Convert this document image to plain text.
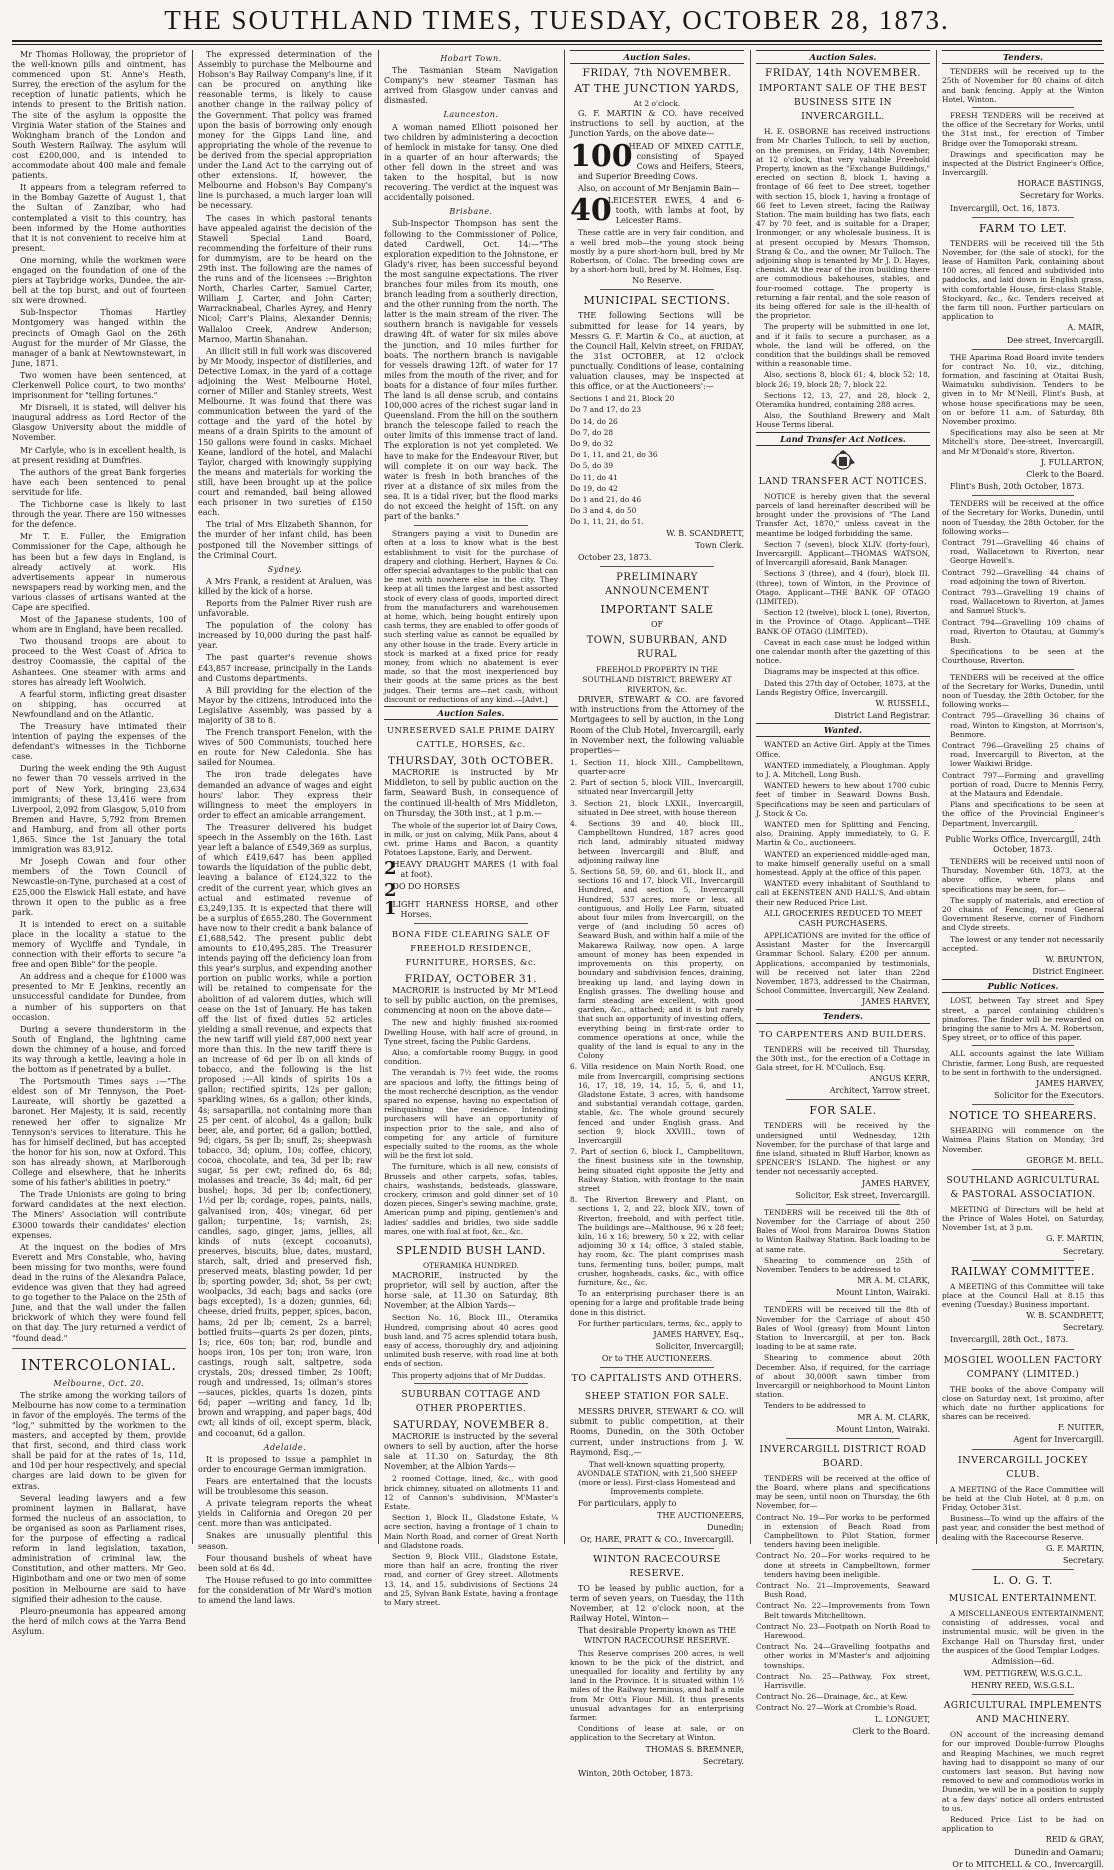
THE SOUTHLAND TIMES, TUESDAY, OCTOBER 28, 1873.

Mr Thomas Holloway, the proprietor of the well-known pills and ointment, has commenced upon St. Anne's Heath, Surrey, the erection of the asylum for the reception of lunatic patients, which he intends to present to the British nation. The site of the asylum is opposite the Virginia Water station of the Staines and Wokingham branch of the London and South Western Railway. The asylum will cost £200,000, and is intended to accommodate about 400 male and female patients.

It appears from a telegram referred to in the Bombay Gazette of August 1, that the Sultan of Zanzibar, who had contemplated a visit to this country, has been informed by the Home authorities that it is not convenient to receive him at present.

One morning, while the workmen were engaged on the foundation of one of the piers at Taybridge works, Dundee, the air-bell at the top burst, and out of fourteen six were drowned.

Sub-Inspector Thomas Hartley Montgomery was hanged within the precincts of Omagh Gaol on the 26th August for the murder of Mr Glasse, the manager of a bank at Newtownstewart, in June, 1871.

Two women have been sentenced, at Clerkenwell Police court, to two months' imprisonment for "telling fortunes."

Mr Disraeli, it is stated, will deliver his inaugural address as Lord Rector of the Glasgow University about the middle of November.

Mr Carlyle, who is in excellent health, is at present residing at Dumfries.

The authors of the great Bank forgeries have each been sentenced to penal servitude for life.

The Tichborne case is likely to last through the year. There are 150 witnesses for the defence.

Mr T. E. Fuller, the Emigration Commissioner for the Cape, although he has been but a few days in England, is already actively at work. His advertisements appear in numerous newspapers read by working men, and the various classes of artisans wanted at the Cape are specified.

Most of the Japanese students, 100 of whom are in England, have been recalled.

Two thousand troops are about to proceed to the West Coast of Africa to destroy Coomassie, the capital of the Ashantees. One steamer with arms and stores has already left Woolwich.

A fearful storm, inflicting great disaster on shipping, has occurred at Newfoundland and on the Atlantic.

The Treasury have intimated their intention of paying the expenses of the defendant's witnesses in the Tichborne case.

During the week ending the 9th August no fewer than 70 vessels arrived in the port of New York, bringing 23,634 immigrants; of these 13,416 were from Liverpool, 2,092 from Glasgow, 5,010 from Bremen and Havre, 5,792 from Bremen and Hamburg, and from all other ports 1,865. Since the 1st January the total immigration was 83,912.

Mr Joseph Cowan and four other members of the Town Council of Newcastle-on-Tyne, purchased at a cost of £25,000 the Elswick Hall estate, and have thrown it open to the public as a free park.

It is intended to erect on a suitable place in the locality a statue to the memory of Wycliffe and Tyndale, in connection with their efforts to secure "a free and open Bible" for the people.

An address and a cheque for £1000 was presented to Mr E Jenkins, recently an unsuccessful candidate for Dundee, from a number of his supporters on that occasion.

During a severe thunderstorm in the South of England, the lightning came down the chimney of a house, and forced its way through a kettle, leaving a hole in the bottom as if penetrated by a bullet.

The Portsmouth Times says :—"The eldest son of Mr Tennyson, the Poet-Laureate, will shortly be gazetted a baronet. Her Majesty, it is said, recently renewed her offer to signalize Mr Tennyson's services to literature. This he has for himself declined, but has accepted the honor for his son, now at Oxford. This son has already shown, at Marlborough College and elsewhere, that he inherits some of his father's abilities in poetry."

The Trade Unionists are going to bring forward candidates at the next election. The Miners' Association will contribute £3000 towards their candidates' election expenses.

At the inquest on the bodies of Mrs Everett and Mrs Constable, who, having been missing for two months, were found dead in the ruins of the Alexandra Palace, evidence was given that they had agreed to go together to the Palace on the 25th of June, and that the wall under the fallen brickwork of which they were found fell on that day. The jury returned a verdict of "found dead."

INTERCOLONIAL.
Melbourne, Oct. 20.

The strike among the working tailors of Melbourne has now come to a termination in favor of the employés. The terms of the "log," submitted by the workmen to the masters, and accepted by them, provide that first, second, and third class work shall be paid for at the rates of 1s, 11d, and 10d per hour respectively, and special charges are laid down to be given for extras.

Several leading lawyers and a few prominent laymen in Ballarat, have formed the nucleus of an association, to be organised as soon as Parliament rises, for the purpose of effecting a radical reform in land legislation, taxation, administration of criminal law, the Constitution, and other matters. Mr Geo. Higinbotham and one or two men of some position in Melbourne are said to have signified their adhesion to the cause.

Pleuro-pneumonia has appeared among the herd of milch cows at the Yarra Bend Asylum.

The expressed determination of the Assembly to purchase the Melbourne and Hobson's Bay Railway Company's line, if it can be procured on anything like reasonable terms, is likely to cause another change in the railway policy of the Government. That policy was framed upon the basis of borrowing only enough money for the Gipps Land line, and appropriating the whole of the revenue to be derived from the special appropriation under the Land Act to the carrying out of other extensions. If, however, the Melbourne and Hobson's Bay Company's line is purchased, a much larger loan will be necessary.

The cases in which pastoral tenants have appealed against the decision of the Stawell Special Land Board, recommending the forfeiture of their runs for dummyism, are to be heard on the 29th inst. The following are the names of the runs and of the licensees :—Brighton North, Charles Carter, Samuel Carter, William J. Carter, and John Carter; Warracknabeal, Charles Ayrey, and Henry Nicol; Carr's Plains, Alexander Dennis; Wallaloo Creek, Andrew Anderson; Marnoo, Martin Shanahan.

An illicit still in full work was discovered by Mr Moody, inspector of distilleries, and Detective Lomax, in the yard of a cottage adjoining the West Melbourne Hotel, corner of Miller and Stanley streets, West Melbourne. It was found that there was communication between the yard of the cottage and the yard of the hotel by means of a drain Spirits to the amount of 150 gallons were found in casks. Michael Keane, landlord of the hotel, and Malachi Taylor, charged with knowingly supplying the means and materials for working the still, have been brought up at the police court and remanded, bail being allowed each prisoner in two sureties of £150 each.

The trial of Mrs Elizabeth Shannon, for the murder of her infant child, has been postponed till the November sittings of the Criminal Court.

Sydney.

A Mrs Frank, a resident at Araluen, was killed by the kick of a horse.

Reports from the Palmer River rush are unfavorable.

The population of the colony has increased by 10,000 during the past half-year.

The past quarter's revenue shows £43,857 increase, principally in the Lands and Customs departments.

A Bill providing for the election of the Mayor by the citizens, introduced into the Legislative Assembly, was passed by a majority of 38 to 8.

The French transport Fenelon, with the wives of 500 Communists, touched here en route for New Caledonia. She has sailed for Noumea.

The iron trade delegates have demanded an advance of wages and eight hours' labor. They express their willingness to meet the employers in order to effect an amicable arrangement.

The Treasurer delivered his budget speech in the Assembly on the 16th. Last year left a balance of £549,369 as surplus, of which £419,647 has been applied towards the liquidation of the public debt, leaving a balance of £124,322 to the credit of the current year, which gives an actual and estimated revenue of £3,249,135. It is expected that there will be a surplus of £655,280. The Government have now to their credit a bank balance of £1,688,542. The present public debt amounts to £10,495,285. The Treasurer intends paying off the deficiency loan from this year's surplus, and expending another portion on public works, while a portion will be retained to compensate for the abolition of ad valorem duties, which will cease on the 1st of January. He has taken off the list of fixed duties 52 articles yielding a small revenue, and expects that the new tariff will yield £87,000 next year more than this. In the new tariff there is an increase of 6d per lb on all kinds of tobacco, and the following is the list proposed :—All kinds of spirits 10s a gallon; rectified spirits, 12s per gallon; sparkling wines, 6s a gallon; other kinds, 4s; sarsaparilla, not containing more than 25 per cent. of alcohol, 4s a gallon; bulk beer, ale, and porter, 6d a gallon; bottled, 9d; cigars, 5s per lb; snuff, 2s; sheepwash tobacco, 3d; opium, 10s; coffee, chicory, cocoa, chocolate, and tea, 3d per lb; raw sugar, 5s per cwt; refined do, 6s 8d; molasses and treacle, 3s 4d; malt, 6d per bushel; hops, 3d per lb; confectionery, 1½d per lb; cordage, ropes, paints, nails, galvanised iron, 40s; vinegar, 6d per gallon; turpentine, 1s; varnish, 2s; candles, sago, ginger, jams, jellies, all kinds of nuts (except cocoanuts), preserves, biscuits, blue, dates, mustard, starch, salt, dried and preserved fish, preserved meats, blasting powder, 1d per lb; sporting powder, 3d; shot, 5s per cwt; woolpacks, 3d each; bags and sacks (ore bags excepted), 1s a dozen; gunnies, 6d; cheese, dried fruits, pepper, spices, bacon, hams, 2d per lb; cement, 2s a barrel; bottled fruits—quarts 2s per dozen, pints, 1s; rice, 60s ton; bar, rod, bundle and hoops iron, 10s per ton; iron ware, iron castings, rough salt, saltpetre, soda crystals, 20s; dressed timber, 2s 100ft; rough and undressed, 1s; oilman's stores—sauces, pickles, quarts 1s dozen, pints 6d; paper —writing and fancy, 1d lb; brown and wrapping, and paper bags, 40d cwt; all kinds of oil, except sperm, black, and cocoanut, 6d a gallon.

Adelaide.

It is proposed to issue a pamphlet in order to encourage German immigration.

Fears are entertained that the locusts will be troublesome this season.

A private telegram reports the wheat yields in California and Oregon 20 per cent. more than was anticipated.

Snakes are unusually plentiful this season.

Four thousand bushels of wheat have been sold at 6s 4d.

The House refused to go into committee for the consideration of Mr Ward's motion to amend the land laws.

Hobart Town.

The Tasmanian Steam Navigation Company's new steamer Tasman has arrived from Glasgow under canvas and dismasted.

Launceston.

A woman named Elliott poisoned her two children by administering a decoction of hemlock in mistake for tansy. One died in a quarter of an hour afterwards; the other fell down in the street and was taken to the hospital, but is now recovering. The verdict at the inquest was accidentally poisoned.

Brisbane.

Sub-Inspector Thompson has sent the following to the Commissioner of Police, dated Cardwell, Oct. 14:—"The exploration expedition to the Johnstone, er Glady's river, has been successful beyond the most sanguine expectations. The river branches four miles from its mouth, one branch leading from a southerly direction, and the other running from the north. The latter is the main stream of the river. The southern branch is navigable for vessels drawing 4ft. of water for six miles above the junction, and 10 miles further for boats. The northern branch is navigable for vessels drawing 12ft. of water for 17 miles from the mouth of the river, and for boats for a distance of four miles further. The land is all dense scrub, and contains 100,000 acres of the richest sugar land in Queensland. From the hill on the southern branch the telescope failed to reach the outer limits of this immense tract of land. The exploration is not yet completed. We have to make for the Endeavour River, but will complete it on our way back. The water is fresh in both branches of the river at a distance of six miles from the sea. It is a tidal river, but the flood marks do not exceed the height of 15ft. on any part of the banks."

Strangers paying a visit to Dunedin are often at a loss to know what is the best establishment to visit for the purchase of drapery and clothing. Herbert, Haynes & Co. offer special advantages to the public that can be met with nowhere else in the city. They keep at all times the largest and best assorted stock of every class of goods, imported direct from the manufacturers and warehousemen at home, which, being bought entirely upon cash terms, they are enabled to offer goods of such sterling value as cannot be equalled by any other house in the trade. Every article in stock is marked at a fixed price for ready money, from which no abatement is ever made, so that the most inexperienced buy their goods at the same prices as the best judges. Their terms are—net cash, without discount or reductions of any kind.—[Advt.]

Auction Sales.
UNRESERVED SALE PRIME DAIRY CATTLE, HORSES, &c.
THURSDAY, 30th OCTOBER.

MACRORIE is instructed by Mr Middleton, to sell by public auction on the farm, Seaward Bush, in consequence of the continued ill-health of Mrs Middleton, on Thursday, the 30th inst., at 1 p.m.—

The whole of the superior lot of Dairy Cows, in milk, or just on calving, Milk Pans, about 4 cwt. prime Hams and Bacon, a quantity Potatoes Lapstone, Early, and Derwent.

2
HEAVY DRAUGHT MARES (1 with foal at foot).

2
DO DO HORSES

1
LIGHT HARNESS HORSE, and other Horses.

BONA FIDE CLEARING SALE OF FREEHOLD RESIDENCE, FURNITURE, HORSES, &c.
FRIDAY, OCTOBER 31.

MACRORIE is instructed by Mr M'Leod to sell by public auction, on the premises, commencing at noon on the above date—

The new and highly finished six-roomed Dwelling House, with half acre of ground, in Tyne street, facing the Public Gardens.

Also, a comfortable roomy Buggy, in good condition.

The verandah is 7½ feet wide, the rooms are spacious and lofty, the fittings being of the most recherché description, as the vendor spared no expense, having no expectation of relinquishing the residence. Intending purchasers will have an opportunity of inspection prior to the sale, and also of competing for any article of furniture especially suited to the rooms, as the whole will be the first lot sold.

The furniture, which is all new, consists of Brussels and other carpets, sofas, tables, chairs, washstands, bedsteads, glassware, crockery, crimson and gold dinner set of 10 dozen pieces, Singer's sewing machine, grate, American pump and piping, gentlemen's and ladies' saddles and bridles, two side saddle mares, one with foal at foot, &c., &c.

SPLENDID BUSH LAND.
OTERAMIKA HUNDRED.

MACRORIE, instructed by the proprietor, will sell by auction, after the horse sale, at 11.30 on Saturday, 8th November, at the Albion Yards—

Section No. 16, Block III., Oteramika Hundred, comprising about 40 acres good bush land, and 75 acres splendid totara bush, easy of access, thoroughly dry, and adjoining unlimited bush reserve, with road line at both ends of section.

This property adjoins that of Mr Duddas.

SUBURBAN COTTAGE AND OTHER PROPERTIES.
SATURDAY, NOVEMBER 8.

MACRORIE is instructed by the several owners to sell by auction, after the horse sale at 11.30 on Saturday, the 8th November, at the Albion Yards—

2 roomed Cottage, lined, &c., with good brick chimney, situated on allotments 11 and 12 of Cannon's subdivision, M'Master's Estate.

Section 1, Block II., Gladstone Estate, ¼ acre section, having a frontage of 1 chain to Main North Road, and corner of Great North and Gladstone roads.

Section 9, Block VIII., Gladstone Estate, more than half an acre, fronting the river road, and corner of Grey street. Allotments 13, 14, and 15, subdivisions of Sections 24 and 25, Sylvan Bank Estate, having a frontage to Mary street.

Auction Sales.
FRIDAY, 7th NOVEMBER.
AT THE JUNCTION YARDS,
At 2 o'clock.

G. F. MARTIN & CO. have received instructions to sell by auction, at the Junction Yards, on the above date—

100
HEAD OF MIXED CATTLE, consisting of Spayed Cows and Heifers, Steers, and Superior Breeding Cows.

Also, on account of Mr Benjamin Bain—

40
LEICESTER EWES, 4 and 6-tooth, with lambs at foot, by Leicester Rams.

These cattle are in very fair condition, and a well bred mob—the young stock being mostly by a pure short-horn bull, bred by Mr Robertson, of Colac. The breeding cows are by a short-horn bull, bred by M. Holmes, Esq.

No Reserve.

MUNICIPAL SECTIONS.

THE following Sections will be submitted for lease for 14 years, by Messrs G. F. Martin & Co., at auction, at the Council Hall, Kelvin street, on FRIDAY, the 31st OCTOBER, at 12 o'clock punctually. Conditions of lease, containing valuation clauses, may be inspected at this office, or at the Auctioneers':—

Sections 1 and 21, Block 20

Do 7 and 17, do 23

Do 14, do 26

Do 7, do 28

Do 9, do 32

Do 1, 11, and 21, do 36

Do 5, do 39

Do 11, do 41

Do 19, do 42

Do 1 and 21, do 46

Do 3 and 4, do 50

Do 1, 11, 21, do 51.

W. B. SCANDRETT,

Town Clerk.

October 23, 1873.

PRELIMINARY ANNOUNCEMENT
IMPORTANT SALE
OF
TOWN, SUBURBAN, AND RURAL
FREEHOLD PROPERTY IN THE SOUTHLAND DISTRICT, BREWERY AT RIVERTON, &c.

DRIVER, STEWART & CO. are favored with instructions from the Attorney of the Mortgagees to sell by auction, in the Long Room of the Club Hotel, Invercargill, early in November next, the following valuable properties—

1. Section 11, block XIII., Campbelltown, quarter-acre

2. Part of section 5, block VIII., Invercargill, situated near Invercargill Jetty

3. Section 21, block LXXII., Invercargill, situated in Dee street, with house thereon

4. Sections 39 and 40, block III., Campbelltown Hundred, 187 acres good rich land, admirably situated midway between Invercargill and Bluff, and adjoining railway line

5. Sections 58, 59, 60, and 61, block II., and sections 16 and 17, block VII., Invercargill Hundred, and section 5, Invercargill Hundred, 537 acres, more or less, all contiguous, and Holly Lee Farm, situated about four miles from Invercargill, on the verge of (and including 50 acres of) Seaward Bush, and within half a mile of the Makarewa Railway, now open. A large amount of money has been expended in improvements on this property, on boundary and subdivision fences, draining, breaking up land, and laying down in English grasses. The dwelling house and farm steading are excellent, with good garden, &c., attached; and it is but rarely that such an opportunity of investing offers, everything being in first-rate order to commence operations at once, while the quality of the land is equal to any in the Colony

6. Villa residence on Main North Road, one mile from Invercargill, comprising sections 16, 17, 18, 19, 14, 15, 5, 6, and 11, Gladstone Estate, 3 acres, with handsome and substantial verandah cottage, garden, stable, &c. The whole ground securely fenced and under English grass. And section 9, block XXVIII., town of Invercargill

7. Part of section 6, block I., Campbelltown, the finest business site in the township, being situated right opposite the Jetty and Railway Station, with frontage to the main street

8. The Riverton Brewery and Plant, on sections 1, 2, and 22, block XIV., town of Riverton, freehold, and with perfect title. The buildings are—Malthouse, 96 x 28 feet; kiln, 16 x 16; brewery, 50 x 22, with cellar adjoining 30 x 14; office, 3 staled stable, hay room, &c. The plant comprises mash tuns, fermenting tuns, boiler, pumps, malt crusher, hogsheads, casks, &c., with office furniture, &c., &c.

To an enterprising purchaser there is an opening for a large and profitable trade being done in this district.

For further particulars, terms, &c., apply to

JAMES HARVEY, Esq.,

Solicitor, Invercargill;

Or to THE AUCTIONEERS.

TO CAPITALISTS AND OTHERS.
SHEEP STATION FOR SALE.

MESSRS DRIVER, STEWART & CO. will submit to public competition, at their Rooms, Dunedin, on the 30th October current, under instructions from J. W. Raymond, Esq.,—

That well-known squatting property, AVONDALE STATION, with 21,500 SHEEP (more or less). First-class Homestead and Improvements complete.

For particulars, apply to

THE AUCTIONEERS,

Dunedin;

Or, HARE, PRATT & CO., Invercargill.

WINTON RACECOURSE RESERVE.

TO be leased by public auction, for a term of seven years, on Tuesday, the 11th November, at 12 o'clock noon, at the Railway Hotel, Winton—

That desirable Property known as THE WINTON RACECOURSE RESERVE.

This Reserve comprises 200 acres, is well known to be the pick of the district, and unequalled for locality and fertility by any land in the Province. It is situated within 1½ miles of the Railway terminus, and half a mile from Mr Ott's Flour Mill. It thus presents unusual advantages for an enterprising farmer.

Conditions of lease at sale, or on application to the Secretary at Winton.

THOMAS S. BREMNER,

Secretary.

Winton, 20th October, 1873.

Auction Sales.
FRIDAY, 14th NOVEMBER.
IMPORTANT SALE OF THE BEST BUSINESS SITE IN INVERCARGILL.

H. E. OSBORNE has received instructions from Mr Charles Tulloch, to sell by auction, on the premises, on Friday, 14th November, at 12 o'clock, that very valuable Freehold Property, known as the "Exchange Buildings," erected on section 8, block 1, having a frontage of 66 feet to Dee street, together with section 15, block 1, having a frontage of 66 feet to Leven street, facing the Railway Station. The main building has two flats, each 47 by 70 feet, and is suitable for a Draper, Ironmonger, or any wholesale business. It is at present occupied by Messrs Thomson, Strang & Co., and the owner, Mr Tulloch. The adjoining shop is tenanted by Mr J. D. Hayes, chemist. At the rear of the iron building there are commodious bakehouses, stables, and four-roomed cottage. The property is returning a fair rental, and the sole reason of its being offered for sale is the ill-health of the proprietor.

The property will be submitted in one lot, and if it fails to secure a purchaser, as a whole, the land will be offered, on the condition that the buildings shall be removed within a reasonable time.

Also, sections 8, block 61; 4, block 52; 18, block 26; 19, block 28; 7, block 22.

Sections 12, 13, 27, and 28, block 2, Oteramika hundred, containing 288 acres.

Also, the Southland Brewery and Malt House Terms liberal.

Land Transfer Act Notices.
LAND TRANSFER ACT NOTICES.

NOTICE is hereby given that the several parcels of land hereinafter described will be brought under the provisions of "The Land Transfer Act, 1870," unless caveat in the meantime be lodged forbidding the same.

Section 7 (seven), block XLIV. (forty-four), Invercargill. Applicant—THOMAS WATSON, of Invercargill aforesaid, Bank Manager.

Sections 3 (three), and 4 (four), block III. (three), town of Winton, in the Province of Otago. Applicant—THE BANK OF OTAGO (LIMITED).

Section 12 (twelve), block L (one), Riverton, in the Province of Otago. Applicant—THE BANK OF OTAGO (LIMITED).

Caveat in each case must be lodged within one calendar month after the gazetting of this notice.

Diagrams may be inspected at this office.

Dated this 27th day of October, 1873, at the Lands Registry Office, Invercargill.

W. RUSSELL,

District Land Registrar.

Wanted.

WANTED an Active Girl. Apply at the Times Office.

WANTED immediately, a Ploughman. Apply to J. A. Mitchell, Long Bush.

WANTED hewers to hew about 1700 cubic feet of timber in Seaward Downs Bush. Specifications may be seen and particulars of J. Stock & Co.

WANTED men for Splitting and Fencing, also, Draining. Apply immediately, to G. F. Martin & Co., auctioneers.

WANTED an experienced middle-aged man, to make himself generally useful on a small homestead. Apply at the office of this paper.

WANTED every inhabitant of Southland to call at EKENSTEEN AND HALL'S, And obtain their new Reduced Price List.

ALL GROCERIES REDUCED TO MEET CASH PURCHASERS.

APPLICATIONS are invited for the office of Assistant Master for the Invercargill Grammar School. Salary, £200 per annum. Applications, accompanied by testimonials, will be received not later than 22nd November, 1873, addressed to the Chairman, School Committee, Invercargill, New Zealand.

JAMES HARVEY,

Tenders.
TO CARPENTERS AND BUILDERS.

TENDERS will be received till Thursday, the 30th inst., for the erection of a Cottage in Gala street, for H. M'Culloch, Esq.

ANGUS KERR,

Architect, Yarrow street.

FOR SALE.

TENDERS will be received by the undersigned until Wednesday, 12th November, for the purchase of that large and fine island, situated in Bluff Harbor, known as SPENCER'S ISLAND. The highest or any tender not necessarily accepted.

JAMES HARVEY,

Solicitor, Esk street, Invercargill.

TENDERS will be received till the 8th of November for the Carriage of about 250 Bales of Wool from Marairoa Downs Station to Winton Railway Station. Back loading to be at same rate.

Shearing to commence on 25th of November. Tenders to be addressed to

MR A. M. CLARK,

Mount Linton, Wairaki.

TENDERS will be received till the 8th of November for the Carriage of about 450 Bales of Wool (greasy) from Mount Linton Station to Invercargill, at per ton. Back loading to be at same rate.

Shearing to commence about 20th December. Also, if required, for the carriage of about 30,000ft sawn timber from Invercargill or neighborhood to Mount Linton station.

Tenders to be addressed to

MR A. M. CLARK,

Mount Linton, Wairaki.

INVERCARGILL DISTRICT ROAD BOARD.

TENDERS will be received at the office of the Board, where plans and specifications may be seen, until noon on Thursday, the 6th November, for—

Contract No. 19—For works to be performed in extension of Beach Road from Campbelltown to Pilot Station, former tenders having been ineligible.

Contract No. 20—For works required to be done at streets in Campbelltown, former tenders having been ineligible.

Contract No. 21—Improvements, Seaward Bush Road.

Contract No. 22—Improvements from Town Belt towards Mitchelltown.

Contract No. 23—Footpath on North Road to Harewood.

Contract No. 24—Gravelling footpaths and other works in M'Master's and adjoining townships.

Contract No. 25—Pathway, Fox street, Harrisville.

Contract No. 26—Drainage, &c., at Kew.

Contract No. 27—Work at Crombie's Road.

L. LONGUET,

Clerk to the Board.

Tenders.

TENDERS will be received up to the 25th of November for 80 chains of ditch and bank fencing. Apply at the Winton Hotel, Winton.

FRESH TENDERS will be received at the office of the Secretary for Works, until the 31st inst., for erection of Timber Bridge over the Tomoporaki stream.

Drawings and specification may be inspected at the District Engineer's Office, Invercargill.

HORACE BASTINGS,

Secretary for Works.

Invercargill, Oct. 16, 1873.

FARM TO LET.

TENDERS will be received till the 5th November, for (the sale of stock), for the lease of Hamilton Park, containing about 100 acres, all fenced and subdivided into paddocks, and laid down in English grass, with comfortable House, first-class Stable, Stockyard, &c., &c. Tenders received at the farm till noon. Further particulars on application to

A. MAIR,

Dee street, Invercargill.

THE Aparima Road Board invite tenders for contract No. 10, viz., ditching, formation, and fascining at Otaitai Bush, Waimatuku subdivision. Tenders to be given in to Mr M'Neill, Flint's Bush, at whose house specifications may be seen, on or before 11 a.m. of Saturday, 8th November proximo.

Specifications may also be seen at Mr Mitchell's store, Dee-street, Invercargill, and Mr M'Donald's store, Riverton.

J. FULLARTON,

Clerk to the Board.

Flint's Bush, 20th October, 1873.

TENDERS will be received at the office of the Secretary for Works, Dunedin, until noon of Tuesday, the 28th October, for the following works—

Contract 791—Gravelling 46 chains of road, Wallacetown to Riverton, near George Howell's.

Contract 792—Gravelling 44 chains of road adjoining the town of Riverton.

Contract 793—Gravelling 19 chains of road, Wallacetown to Riverton, at James and Samuel Stuck's.

Contract 794—Gravelling 109 chains of road, Riverton to Otautau, at Gummy's Bush.

Specifications to be seen at the Courthouse, Riverton.

TENDERS will be received at the office of the Secretary for Works, Dunedin, until noon of Tuesday, the 28th October, for the following works—

Contract 795—Gravelling 36 chains of road, Winton to Kingston, at Morrison's, Benmore.

Contract 796—Gravelling 25 chains of road, Invercargill to Riverton, at the lower Waikiwi Bridge.

Contract 797—Forming and gravelling portion of road, Ducre to Mennis Ferry, at the Mataura and Edendale.

Plans and specifications to be seen at the office of the Provincial Engineer's Department, Invercargill.

Public Works Office, Invercargill, 24th October, 1873.

TENDERS will be received until noon of Thursday, November 6th, 1873, at the above office, where plans and specifications may be seen, for—

The supply of materials, and erection of 20 chains of Fencing, round General Government Reserve, corner of Findhorn and Clyde streets.

The lowest or any tender not necessarily accepted.

W. BRUNTON,

District Engineer.

Public Notices.

LOST, between Tay street and Spey street, a parcel containing children's pinafores. The finder will be rewarded on bringing the same to Mrs A. M. Robertson, Spey street, or to office of this paper.

ALL accounts against the late William Christie, farmer, Long Bush, are requested to be sent in forthwith to the undersigned.

JAMES HARVEY,

Solicitor for the Executors.

NOTICE TO SHEARERS.

SHEARING will commence on the Waimea Plains Station on Monday, 3rd November.

GEORGE M. BELL.

SOUTHLAND AGRICULTURAL & PASTORAL ASSOCIATION.

MEETING of Directors will be held at the Prince of Wales Hotel, on Saturday, November 1st, at 3 p.m.

G. F. MARTIN,

Secretary.

RAILWAY COMMITTEE.

A MEETING of this Committee will take place at the Council Hall at 8.15 this evening (Tuesday.) Business important.

W. B. SCANDRETT,

Secretary.

Invercargill, 28th Oct., 1873.

MOSGIEL WOOLLEN FACTORY COMPANY (LIMITED.)

THE books of the above Company will close on Saturday next, 1st proximo, after which date no further applications for shares can be received.

F. NUITER,

Agent for Invercargill.

INVERCARGILL JOCKEY CLUB.

A MEETING of the Race Committee will be held at the Club Hotel, at 8 p.m. on Friday, October 31st.

Business—To wind up the affairs of the past year, and consider the best method of dealing with the Racecourse Reserve.

G. F. MARTIN,

Secretary.

L. O. G. T.
MUSICAL ENTERTAINMENT.

A MISCELLANEOUS ENTERTAINMENT, consisting of addresses, vocal and instrumental music, will be given in the Exchange Hall on Thursday first, under the auspices of the Good Templar Lodges.

Admission—6d.

WM. PETTIGREW, W.S.G.C.L.

HENRY REED, W.S.G.S.L.

AGRICULTURAL IMPLEMENTS AND MACHINERY.

ON account of the increasing demand for our improved Double-furrow Ploughs and Reaping Machines, we much regret having had to disappoint so many of our customers last season. But having now removed to new and commodious works in Dunedin, we will be in a position to supply at a few days' notice all orders entrusted to us.

Reduced Price List to be had on application to

REID & GRAY,

Dunedin and Oamaru;

Or to MITCHELL & CO., Invercargill.
